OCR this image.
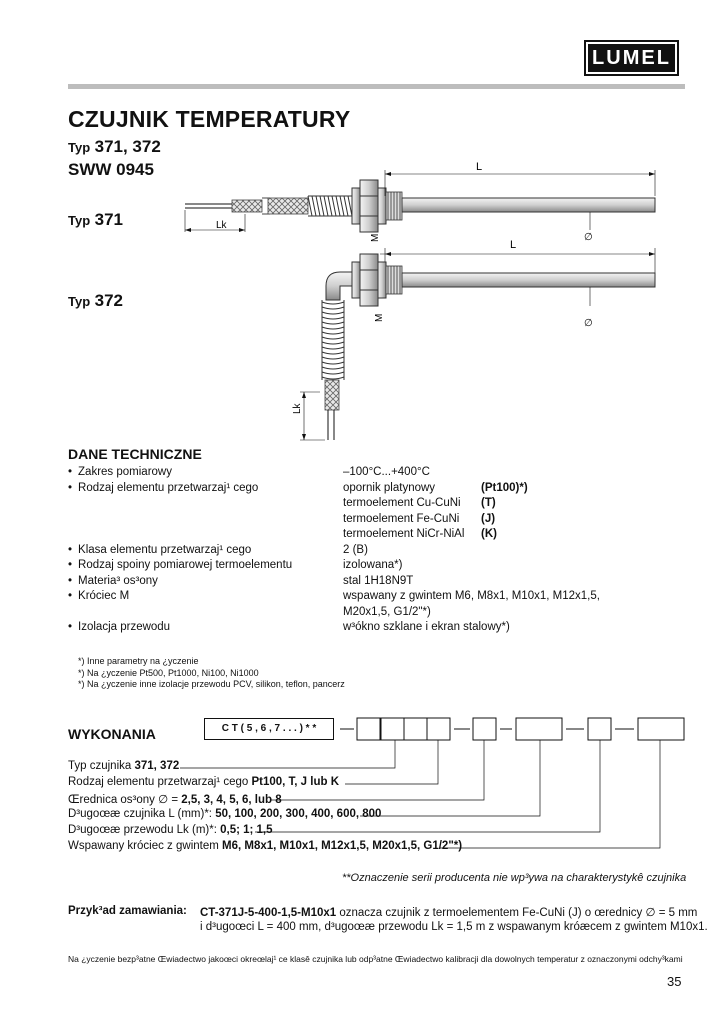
LUMEL
CZUJNIK TEMPERATURY
Typ 371, 372
SWW 0945
Typ 371
Typ 372
L
Lk
M	∅
L
Lk
M
∅
DANE TECHNICZNE
• Zakres pomiarowy	–100°C...+400°C
• Rodzaj elementu przetwarzaj¹ cego	opornik platynowy	(Pt100)*)
termoelement Cu-CuNi (T)
termoelement Fe-CuNi (J)
termoelement NiCr-NiAl (K)
• Klasa elementu przetwarzaj¹ cego	2 (B)
• Rodzaj spoiny pomiarowej termoelementu	izolowana*)
• Materia³ os³ony	stal 1H18N9T
• Króciec M	wspawany z gwintem M6, M8x1, M10x1, M12x1,5,
M20x1,5, G1/2"*)
• Izolacja przewodu	w³ókno szklane i ekran stalowy*)
*) Inne parametry na ¿yczenie
*) Na ¿yczenie Pt500, Pt1000, Ni100, Ni1000
*) Na ¿yczenie inne izolacje przewodu PCV, silikon, teflon, pancerz
WYKONANIA	C T ( 5 , 6 , 7 . . . ) * *
Typ czujnika 371, 372
Rodzaj elementu przetwarzaj¹ cego Pt100, T, J lub K
Œrednica os³ony ∅ = 2,5, 3, 4, 5, 6, lub 8
D³ugoœæ czujnika L (mm)*: 50, 100, 200, 300, 400, 600, 800
D³ugoœæ przewodu Lk (m)*: 0,5; 1; 1,5
Wspawany króciec z gwintem M6, M8x1, M10x1, M12x1,5, M20x1,5, G1/2"*)
**Oznaczenie serii producenta nie wp³ywa na charakterystykê czujnika
Przyk³ad zamawiania: CT-371J-5-400-1,5-M10x1 oznacza czujnik z termoelementem Fe-CuNi (J) o œrednicy ∅ = 5 mm
i d³ugoœci L = 400 mm, d³ugoœæ przewodu Lk = 1,5 m z wspawanym króæcem z gwintem M10x1.
Na ¿yczenie bezp³atne Œwiadectwo jakoœci okreœlaj¹ ce klasê czujnika lub odp³atne Œwiadectwo kalibracji dla dowolnych temperatur z oznaczonymi odchy³kami
35
